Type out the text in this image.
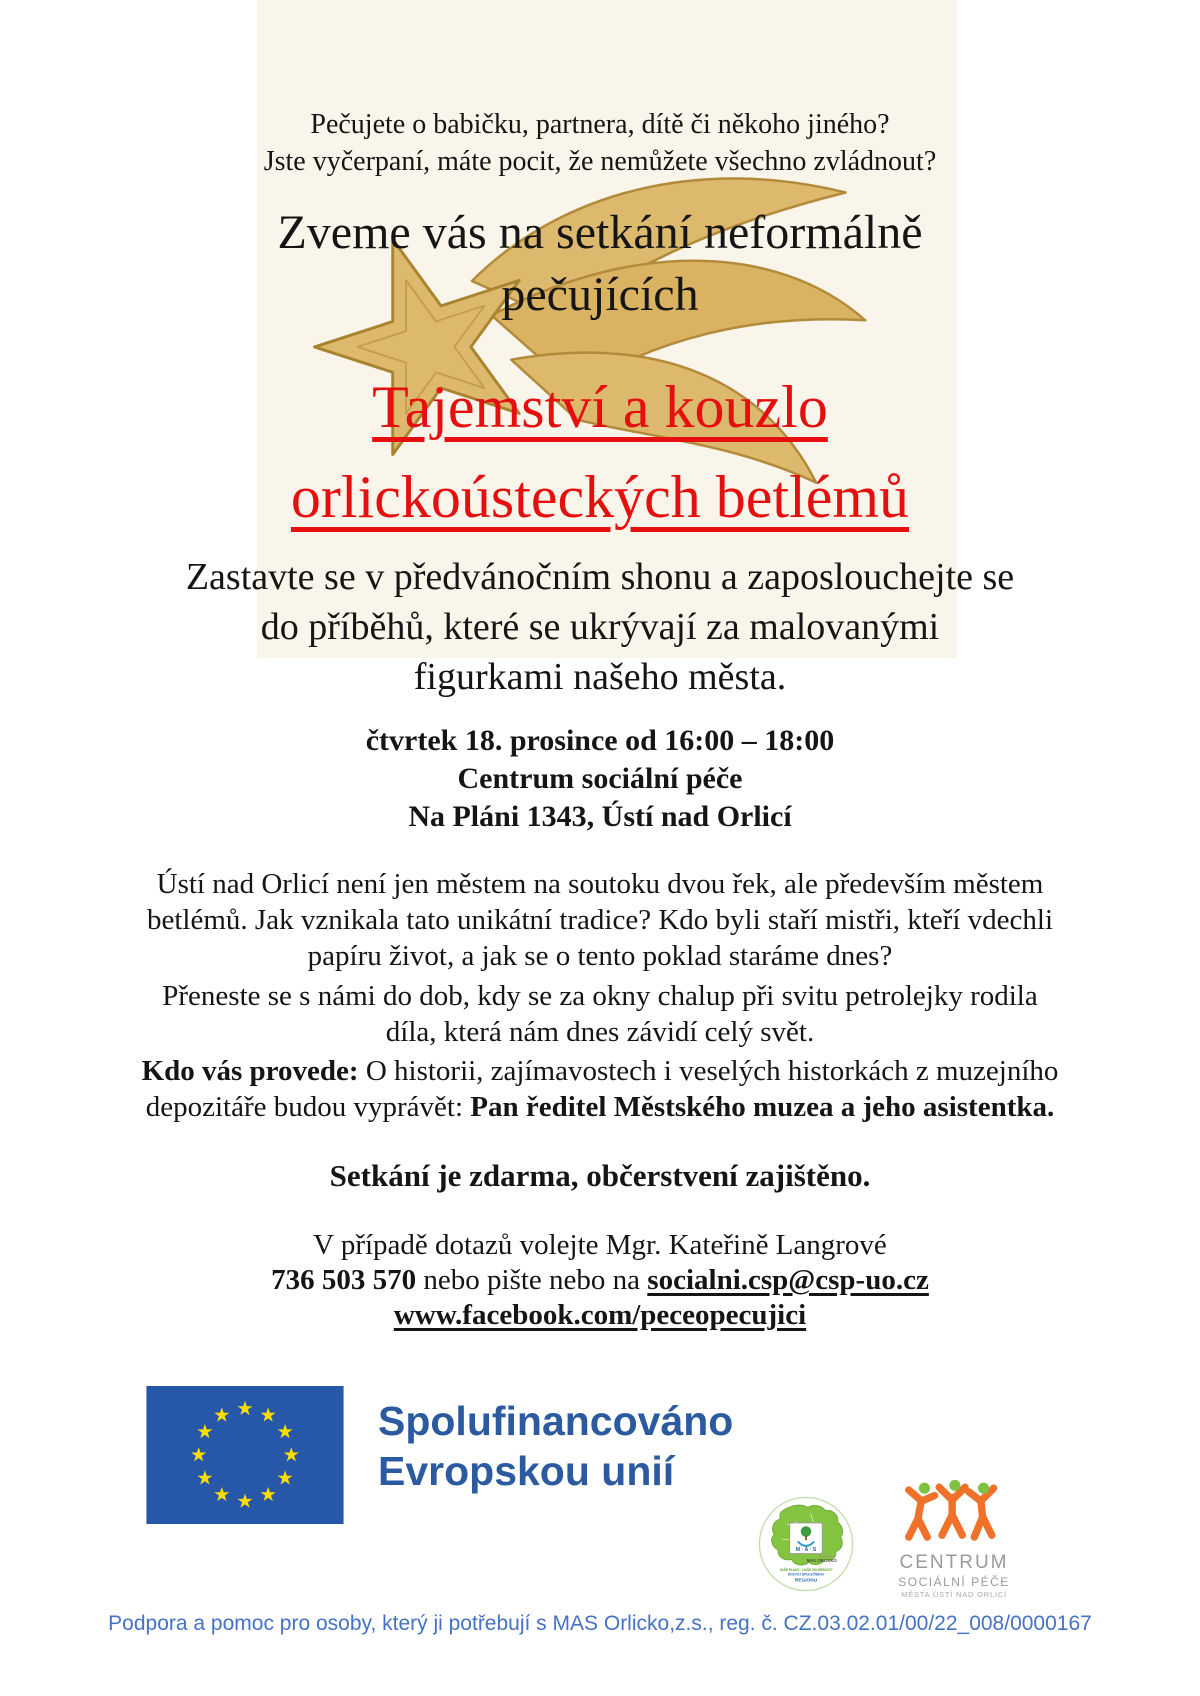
Pečujete o babičku, partnera, dítě či někoho jiného?
Jste vyčerpaní, máte pocit, že nemůžete všechno zvládnout?
Zveme vás na setkání neformálně
pečujících
Tajemství a kouzlo
orlickoústeckých betlémů
Zastavte se v předvánočním shonu a zaposlouchejte se
do příběhů, které se ukrývají za malovanými
figurkami našeho města.
čtvrtek 18. prosince od 16:00 – 18:00
Centrum sociální péče
Na Pláni 1343, Ústí nad Orlicí
Ústí nad Orlicí není jen městem na soutoku dvou řek, ale především městem
betlémů. Jak vznikala tato unikátní tradice? Kdo byli staří mistři, kteří vdechli
papíru život, a jak se o tento poklad staráme dnes?
Přeneste se s námi do dob, kdy se za okny chalup při svitu petrolejky rodila
díla, která nám dnes závidí celý svět.
Kdo vás provede: O historii, zajímavostech i veselých historkách z muzejního
depozitáře budou vyprávět: Pan ředitel Městského muzea a jeho asistentka.
Setkání je zdarma, občerstvení zajištěno.
V případě dotazů volejte Mgr. Kateřině Langrové
736 503 570 nebo pište nebo na socialni.csp@csp-uo.cz
www.facebook.com/peceopecujici
Spolufinancováno
Evropskou unií
M · A · S
PODPOŘILO
MAS ORLICKO
VAŠE PLÁNY · NAŠE ZKUŠENOSTI
ROZVOJ SPOLEČNÉHO
REGIONU
CENTRUM
SOCIÁLNÍ PÉČE
MĚSTA ÚSTÍ NAD ORLICÍ
Podpora a pomoc pro osoby, který ji potřebují s MAS Orlicko,z.s., reg. č. CZ.03.02.01/00/22_008/0000167
